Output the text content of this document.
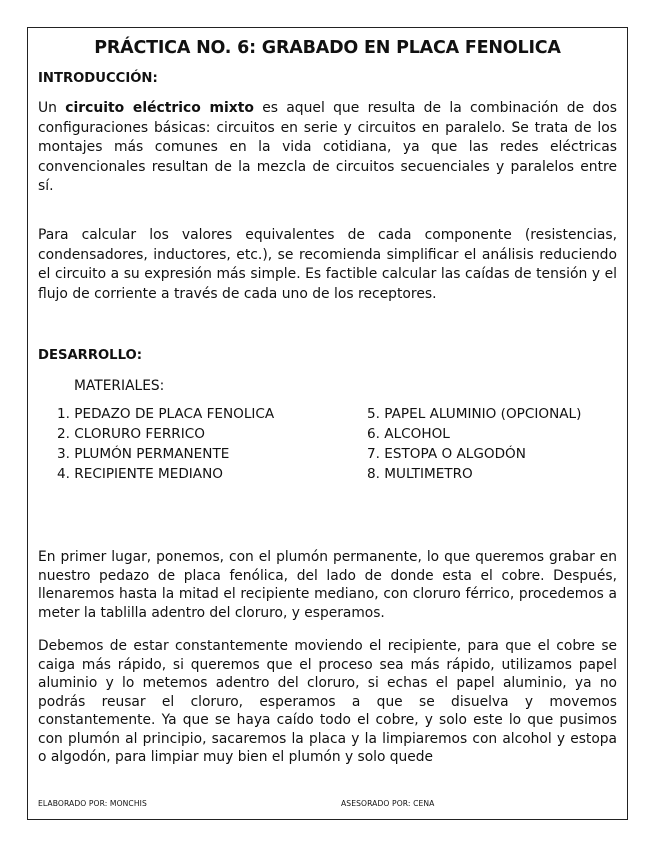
PRÁCTICA NO. 6: GRABADO EN PLACA FENOLICA
INTRODUCCIÓN:

Un circuito eléctrico mixto es aquel que resulta de la combinación de dos configuraciones básicas: circuitos en serie y circuitos en paralelo. Se trata de los montajes más comunes en la vida cotidiana, ya que las redes eléctricas convencionales resultan de la mezcla de circuitos secuenciales y paralelos entre sí.

Para calcular los valores equivalentes de cada componente (resistencias, condensadores, inductores, etc.), se recomienda simplificar el análisis reduciendo el circuito a su expresión más simple. Es factible calcular las caídas de tensión y el flujo de corriente a través de cada uno de los receptores.

DESARROLLO:

MATERIALES:

1. PEDAZO DE PLACA FENOLICA
2. CLORURO FERRICO
3. PLUMÓN PERMANENTE
4. RECIPIENTE MEDIANO
5. PAPEL ALUMINIO (OPCIONAL)
6. ALCOHOL
7. ESTOPA O ALGODÓN
8. MULTIMETRO

En primer lugar, ponemos, con el plumón permanente, lo que queremos grabar en nuestro pedazo de placa fenólica, del lado de donde esta el cobre. Después, llenaremos hasta la mitad el recipiente mediano, con cloruro férrico, procedemos a meter la tablilla adentro del cloruro, y esperamos.

Debemos de estar constantemente moviendo el recipiente, para que el cobre se caiga más rápido, si queremos que el proceso sea más rápido, utilizamos papel aluminio y lo metemos adentro del cloruro, si echas el papel aluminio, ya no podrás reusar el cloruro, esperamos a que se disuelva y movemos constantemente. Ya que se haya caído todo el cobre, y solo este lo que pusimos con plumón al principio, sacaremos la placa y la limpiaremos con alcohol y estopa o algodón, para limpiar muy bien el plumón y solo quede

ELABORADO POR: MONCHIS	ASESORADO POR: CENA
